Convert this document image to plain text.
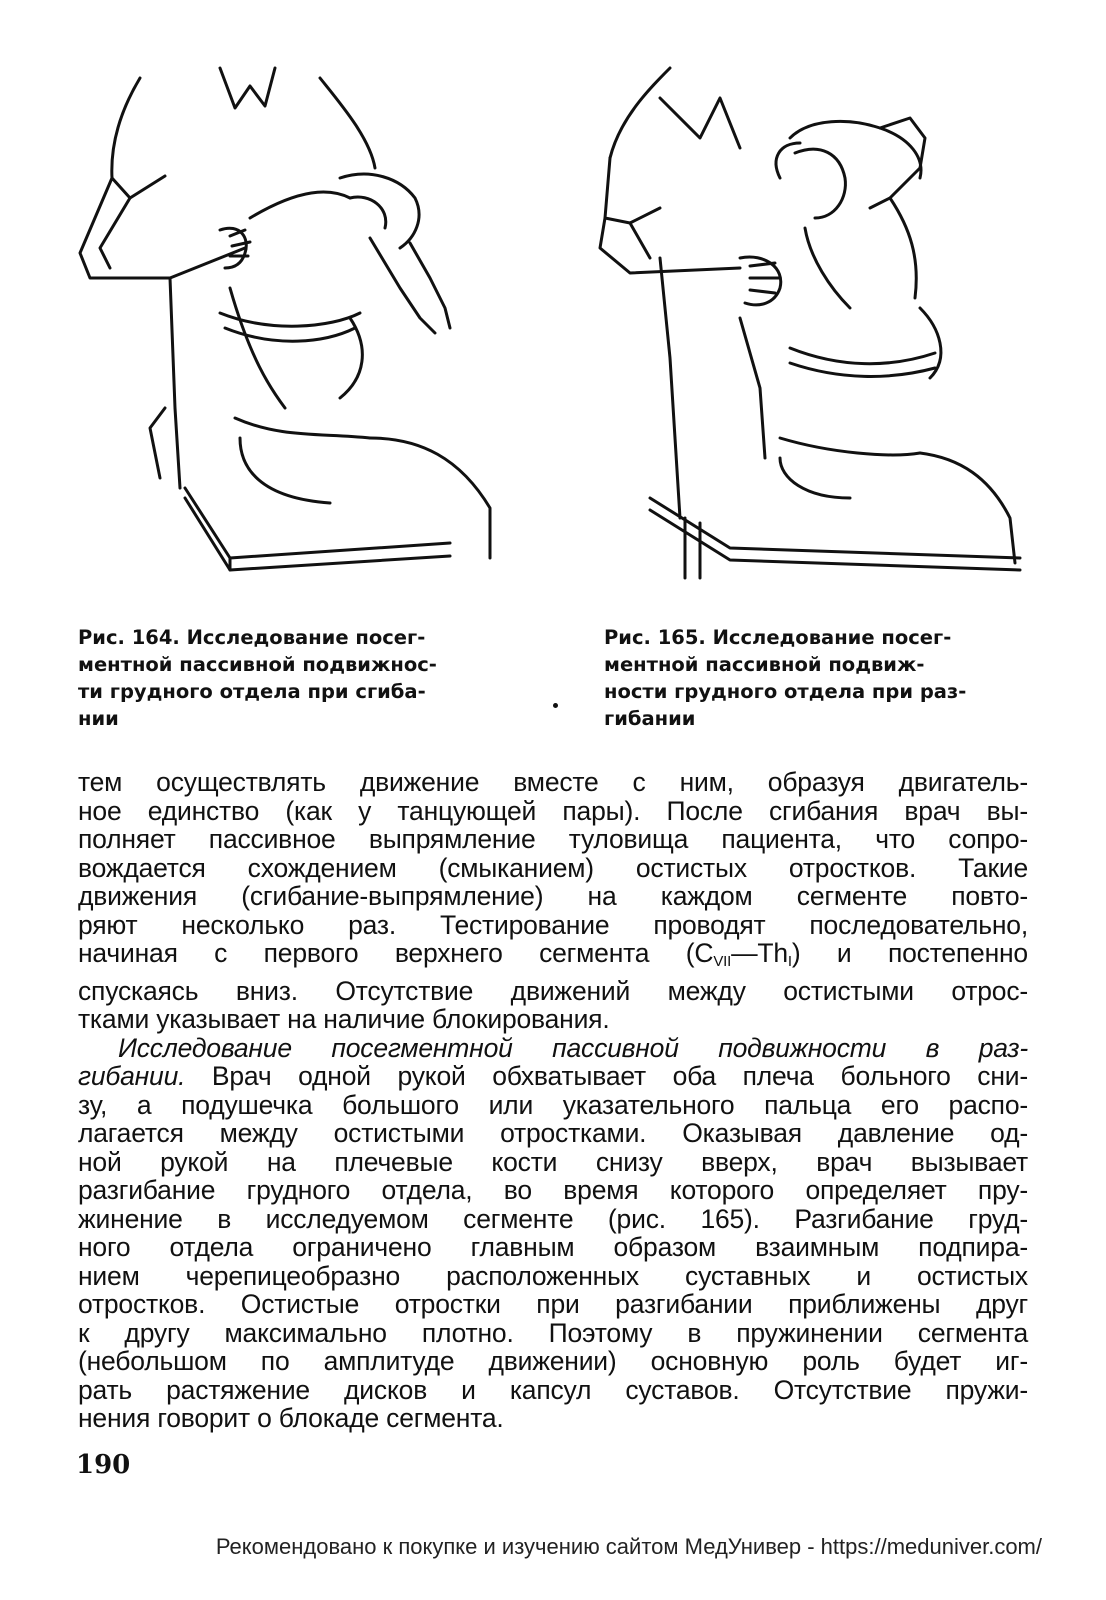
Рис. 164. Исследование посег-
ментной пассивной подвижнос-
ти грудного отдела при сгиба-
нии

Рис. 165. Исследование посег-
ментной пассивной подвиж-
ности грудного отдела при раз-
гибании

тем осуществлять движение вместе с ним, образуя двигатель-
ное единство (как у танцующей пары). После сгибания врач вы-
полняет пассивное выпрямление туловища пациента, что сопро-
вождается схождением (смыканием) остистых отростков. Такие
движения (сгибание-выпрямление) на каждом сегменте повто-
ряют несколько раз. Тестирование проводят последовательно,
начиная с первого верхнего сегмента $(C_{VII}—Th_I)$ и постепенно
спускаясь вниз. Отсутствие движений между остистыми отрос-
тками указывает на наличие блокирования.
Исследование посегментной пассивной подвижности в раз-
гибании. Врач одной рукой обхватывает оба плеча больного сни-
зу, а подушечка большого или указательного пальца его распо-
лагается между остистыми отростками. Оказывая давление од-
ной рукой на плечевые кости снизу вверх, врач вызывает
разгибание грудного отдела, во время которого определяет пру-
жинение в исследуемом сегменте (рис. 165). Разгибание груд-
ного отдела ограничено главным образом взаимным подпира-
нием черепицеобразно расположенных суставных и остистых
отростков. Остистые отростки при разгибании приближены друг
к другу максимально плотно. Поэтому в пружинении сегмента
(небольшом по амплитуде движении) основную роль будет иг-
рать растяжение дисков и капсул суставов. Отсутствие пружи-
нения говорит о блокаде сегмента.
190
Рекомендовано к покупке и изучению сайтом МедУнивер - https://meduniver.com/
